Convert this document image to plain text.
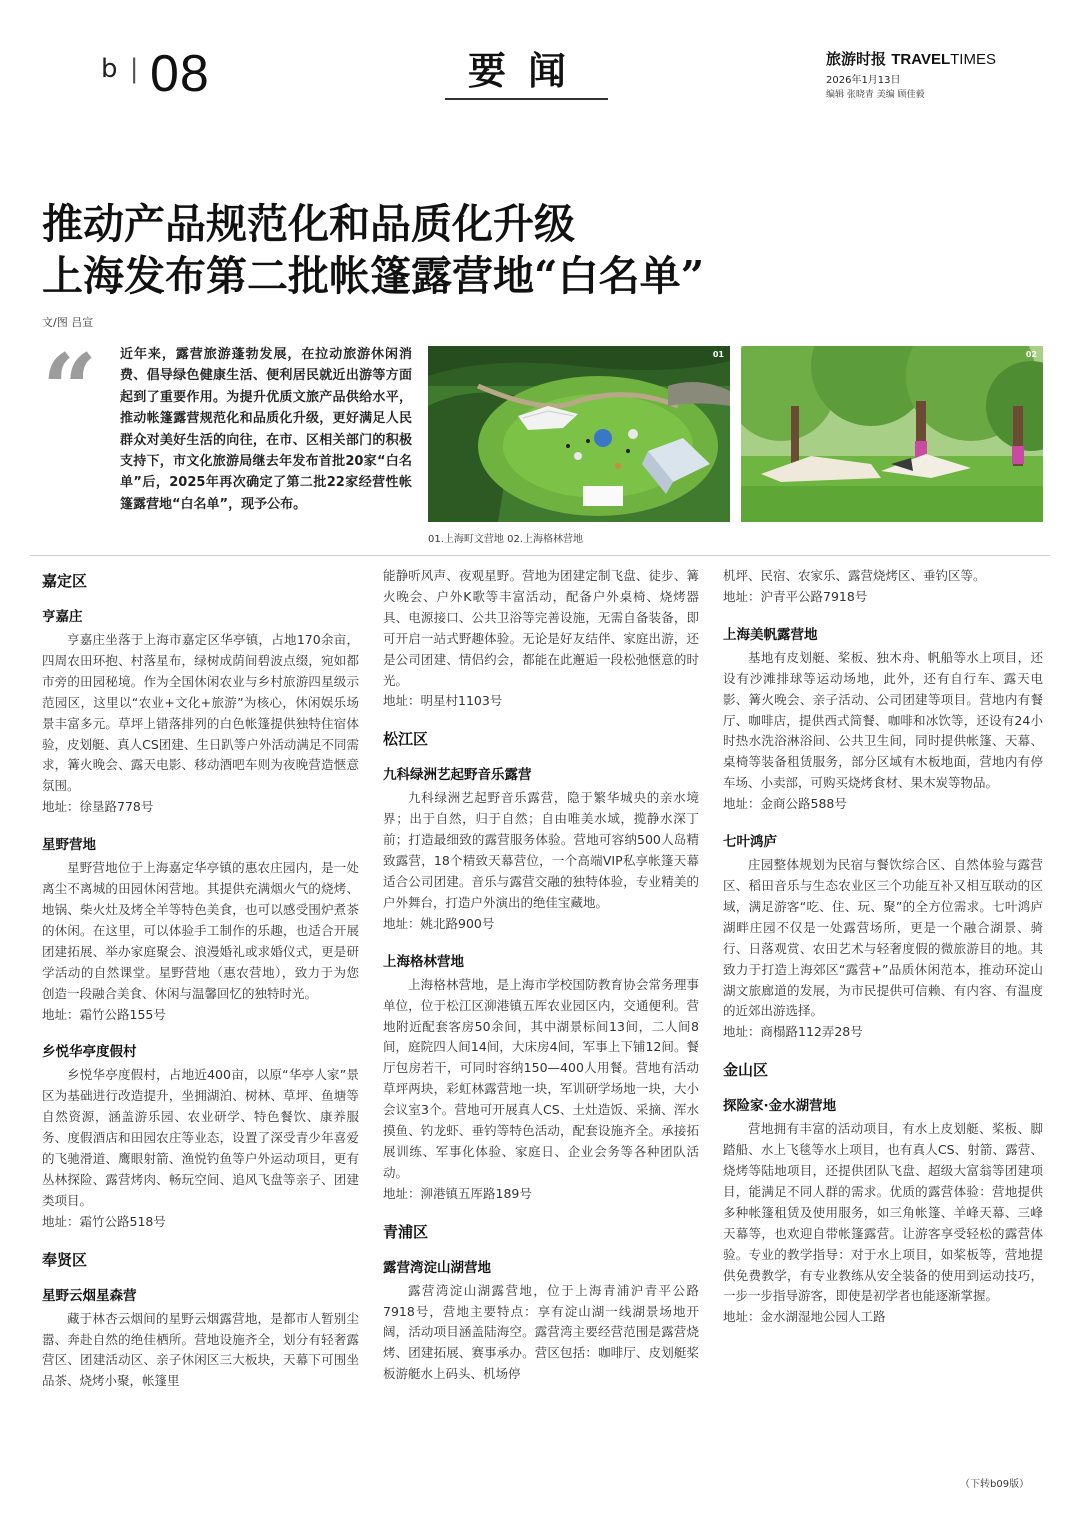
b | 08	要闻	旅游时报 TRAVELTIMES
2026年1月13日
编辑 张晓青 美编 顾佳毅
推动产品规范化和品质化升级
上海发布第二批帐篷露营地“白名单”
文/图 吕宣
“ 近年来，露营旅游蓬勃发展，在拉动旅游休闲消费、倡导绿色健康生活、便利居民就近出游等方面起到了重要作用。为提升优质文旅产品供给水平，推动帐篷露营规范化和品质化升级，更好满足人民群众对美好生活的向往，在市、区相关部门的积极支持下，市文化旅游局继去年发布首批20家“白名单”后，2025年再次确定了第二批22家经营性帐篷露营地“白名单”，现予公布。
01	02
01.上海町文营地 02.上海格林营地
嘉定区
亨嘉庄

亨嘉庄坐落于上海市嘉定区华亭镇，占地170余亩，四周农田环抱、村落星布，绿树成荫间碧波点缀，宛如都市旁的田园秘境。作为全国休闲农业与乡村旅游四星级示范园区，这里以“农业+文化+旅游”为核心，休闲娱乐场景丰富多元。草坪上错落排列的白色帐篷提供独特住宿体验，皮划艇、真人CS团建、生日趴等户外活动满足不同需求，篝火晚会、露天电影、移动酒吧车则为夜晚营造惬意氛围。

地址：徐垦路778号

星野营地

星野营地位于上海嘉定华亭镇的惠农庄园内，是一处离尘不离城的田园休闲营地。其提供充满烟火气的烧烤、地锅、柴火灶及烤全羊等特色美食，也可以感受围炉煮茶的休闲。在这里，可以体验手工制作的乐趣，也适合开展团建拓展、举办家庭聚会、浪漫婚礼或求婚仪式，更是研学活动的自然课堂。星野营地（惠农营地），致力于为您创造一段融合美食、休闲与温馨回忆的独特时光。

地址：霜竹公路155号

乡悦华亭度假村

乡悦华亭度假村，占地近400亩，以原“华亭人家”景区为基础进行改造提升，坐拥湖泊、树林、草坪、鱼塘等自然资源，涵盖游乐园、农业研学、特色餐饮、康养服务、度假酒店和田园农庄等业态，设置了深受青少年喜爱的飞驰滑道、鹰眼射箭、渔悦钓鱼等户外运动项目，更有丛林探险、露营烤肉、畅玩空间、追风飞盘等亲子、团建类项目。

地址：霜竹公路518号

奉贤区
星野云烟星森营

藏于林杏云烟间的星野云烟露营地，是都市人暂别尘嚣、奔赴自然的绝佳栖所。营地设施齐全，划分有轻奢露营区、团建活动区、亲子休闲区三大板块，天幕下可围坐品茶、烧烤小聚，帐篷里

能静听风声、夜观星野。营地为团建定制飞盘、徒步、篝火晚会、户外K歌等丰富活动，配备户外桌椅、烧烤器具、电源接口、公共卫浴等完善设施，无需自备装备，即可开启一站式野趣体验。无论是好友结伴、家庭出游，还是公司团建、情侣约会，都能在此邂逅一段松弛惬意的时光。

地址：明星村1103号

松江区
九科绿洲艺起野音乐露营

九科绿洲艺起野音乐露营，隐于繁华城央的亲水境界；出于自然，归于自然；自由唯美水域，揽静水深丁前；打造最细致的露营服务体验。营地可容纳500人岛精致露营，18个精致天幕营位，一个高端VIP私享帐篷天幕适合公司团建。音乐与露营交融的独特体验，专业精美的户外舞台，打造户外演出的绝佳宝藏地。

地址：姚北路900号

上海格林营地

上海格林营地，是上海市学校国防教育协会常务理事单位，位于松江区泖港镇五厍农业园区内，交通便利。营地附近配套客房50余间，其中湖景标间13间，二人间8间，庭院四人间14间，大床房4间，军事上下铺12间。餐厅包房若干，可同时容纳150—400人用餐。营地有活动草坪两块，彩虹林露营地一块，军训研学场地一块，大小会议室3个。营地可开展真人CS、土灶造饭、采摘、浑水摸鱼、钓龙虾、垂钓等特色活动，配套设施齐全。承接拓展训练、军事化体验、家庭日、企业会务等各种团队活动。

地址：泖港镇五厍路189号

青浦区
露营湾淀山湖营地

露营湾淀山湖露营地，位于上海青浦沪青平公路7918号，营地主要特点：享有淀山湖一线湖景场地开阔，活动项目涵盖陆海空。露营湾主要经营范围是露营烧烤、团建拓展、赛事承办。营区包括：咖啡厅、皮划艇桨板游艇水上码头、机场停

机坪、民宿、农家乐、露营烧烤区、垂钓区等。

地址：沪青平公路7918号

上海美帆露营地

基地有皮划艇、桨板、独木舟、帆船等水上项目，还设有沙滩排球等运动场地，此外，还有自行车、露天电影、篝火晚会、亲子活动、公司团建等项目。营地内有餐厅、咖啡店，提供西式简餐、咖啡和冰饮等，还设有24小时热水洗浴淋浴间、公共卫生间，同时提供帐篷、天幕、桌椅等装备租赁服务，部分区域有木板地面，营地内有停车场、小卖部，可购买烧烤食材、果木炭等物品。

地址：金商公路588号

七叶鸿庐

庄园整体规划为民宿与餐饮综合区、自然体验与露营区、稻田音乐与生态农业区三个功能互补又相互联动的区域，满足游客“吃、住、玩、聚”的全方位需求。七叶鸿庐湖畔庄园不仅是一处露营场所，更是一个融合湖景、骑行、日落观赏、农田艺术与轻奢度假的微旅游目的地。其致力于打造上海郊区“露营+”品质休闲范本，推动环淀山湖文旅廊道的发展，为市民提供可信赖、有内容、有温度的近郊出游选择。

地址：商榻路112弄28号

金山区
探险家·金水湖营地

营地拥有丰富的活动项目，有水上皮划艇、桨板、脚踏船、水上飞毯等水上项目，也有真人CS、射箭、露营、烧烤等陆地项目，还提供团队飞盘、超级大富翁等团建项目，能满足不同人群的需求。优质的露营体验：营地提供多种帐篷租赁及使用服务，如三角帐篷、羊峰天幕、三峰天幕等，也欢迎自带帐篷露营。让游客享受轻松的露营体验。专业的教学指导：对于水上项目，如桨板等，营地提供免费教学，有专业教练从安全装备的使用到运动技巧，一步一步指导游客，即使是初学者也能逐渐掌握。

地址：金水湖湿地公园人工路

（下转b09版）
